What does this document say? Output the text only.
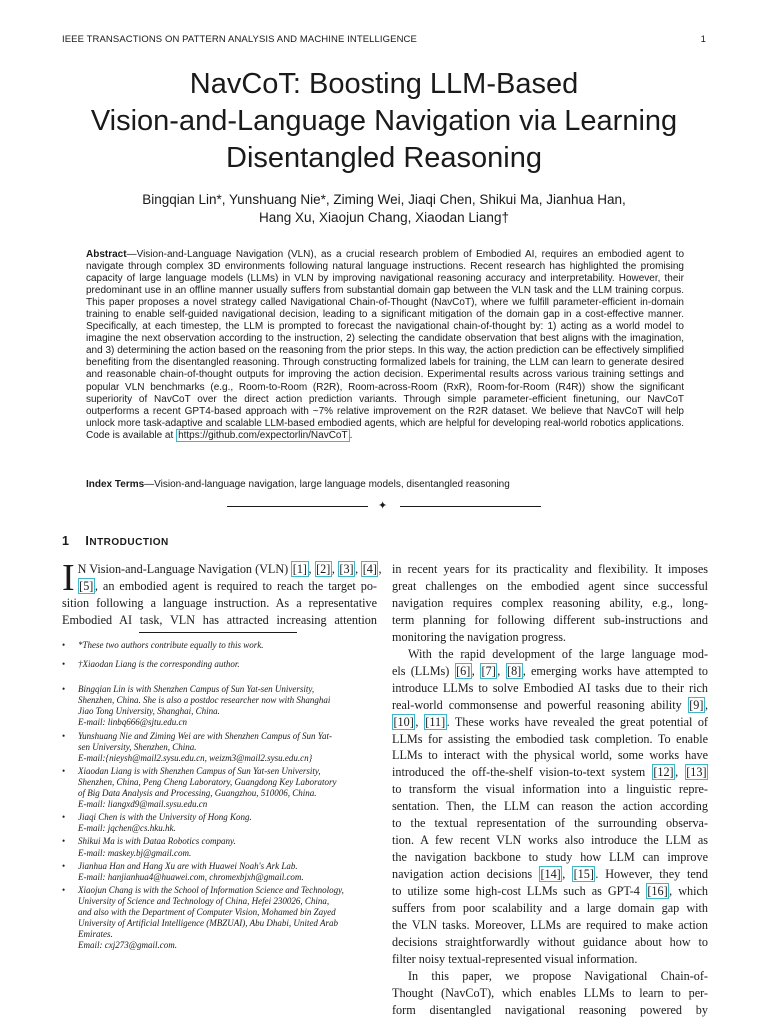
IEEE TRANSACTIONS ON PATTERN ANALYSIS AND MACHINE INTELLIGENCE	1
NavCoT: Boosting LLM-Based
Vision-and-Language Navigation via Learning
Disentangled Reasoning
Bingqian Lin*, Yunshuang Nie*, Ziming Wei, Jiaqi Chen, Shikui Ma, Jianhua Han,
Hang Xu, Xiaojun Chang, Xiaodan Liang†
Abstract—Vision-and-Language Navigation (VLN), as a crucial research problem of Embodied AI, requires an embodied agent to
navigate through complex 3D environments following natural language instructions. Recent research has highlighted the promising
capacity of large language models (LLMs) in VLN by improving navigational reasoning accuracy and interpretability. However, their
predominant use in an offline manner usually suffers from substantial domain gap between the VLN task and the LLM training corpus.
This paper proposes a novel strategy called Navigational Chain-of-Thought (NavCoT), where we fulfill parameter-efficient in-domain
training to enable self-guided navigational decision, leading to a significant mitigation of the domain gap in a cost-effective manner.
Specifically, at each timestep, the LLM is prompted to forecast the navigational chain-of-thought by: 1) acting as a world model to
imagine the next observation according to the instruction, 2) selecting the candidate observation that best aligns with the imagination,
and 3) determining the action based on the reasoning from the prior steps. In this way, the action prediction can be effectively simplified
benefiting from the disentangled reasoning. Through constructing formalized labels for training, the LLM can learn to generate desired
and reasonable chain-of-thought outputs for improving the action decision. Experimental results across various training settings and
popular VLN benchmarks (e.g., Room-to-Room (R2R), Room-across-Room (RxR), Room-for-Room (R4R)) show the significant
superiority of NavCoT over the direct action prediction variants. Through simple parameter-efficient finetuning, our NavCoT
outperforms a recent GPT4-based approach with ~7% relative improvement on the R2R dataset. We believe that NavCoT will help
unlock more task-adaptive and scalable LLM-based embodied agents, which are helpful for developing real-world robotics applications.
Code is available at https://github.com/expectorlin/NavCoT .
Index Terms—Vision-and-language navigation, large language models, disentangled reasoning
✦
1 INTRODUCTION
I N Vision-and-Language Navigation (VLN) [1] , [2] , [3] , [4] ,
[5] , an embodied agent is required to reach the target po-
sition following a language instruction. As a representative
Embodied AI task, VLN has attracted increasing attention
• *These two authors contribute equally to this work.
• †Xiaodan Liang is the corresponding author.
• Bingqian Lin is with Shenzhen Campus of Sun Yat-sen University,
Shenzhen, China. She is also a postdoc researcher now with Shanghai
Jiao Tong University, Shanghai, China.
E-mail: linbq666@sjtu.edu.cn
• Yunshuang Nie and Ziming Wei are with Shenzhen Campus of Sun Yat-
sen University, Shenzhen, China.
E-mail:{nieysh@mail2.sysu.edu.cn, weizm3@mail2.sysu.edu.cn}
• Xiaodan Liang is with Shenzhen Campus of Sun Yat-sen University,
Shenzhen, China, Peng Cheng Laboratory, Guangdong Key Laboratory
of Big Data Analysis and Processing, Guangzhou, 510006, China.
E-mail: liangxd9@mail.sysu.edu.cn
• Jiaqi Chen is with the University of Hong Kong.
E-mail: jqchen@cs.hku.hk.
• Shikui Ma is with Dataa Robotics company.
E-mail: maskey.bj@gmail.com.
• Jianhua Han and Hang Xu are with Huawei Noah's Ark Lab.
E-mail: hanjianhua4@huawei.com, chromexbjxh@gmail.com.
• Xiaojun Chang is with the School of Information Science and Technology,
University of Science and Technology of China, Hefei 230026, China,
and also with the Department of Computer Vision, Mohamed bin Zayed
University of Artificial Intelligence (MBZUAI), Abu Dhabi, United Arab
Emirates.
Email: cxj273@gmail.com.
in recent years for its practicality and flexibility. It imposes
great challenges on the embodied agent since successful
navigation requires complex reasoning ability, e.g., long-
term planning for following different sub-instructions and
monitoring the navigation progress.
With the rapid development of the large language mod-
els (LLMs) [6] , [7] , [8] , emerging works have attempted to
introduce LLMs to solve Embodied AI tasks due to their rich
real-world commonsense and powerful reasoning ability [9] ,
[10] , [11] . These works have revealed the great potential of
LLMs for assisting the embodied task completion. To enable
LLMs to interact with the physical world, some works have
introduced the off-the-shelf vision-to-text system [12] , [13]
to transform the visual information into a linguistic repre-
sentation. Then, the LLM can reason the action according
to the textual representation of the surrounding observa-
tion. A few recent VLN works also introduce the LLM as
the navigation backbone to study how LLM can improve
navigation action decisions [14] , [15] . However, they tend
to utilize some high-cost LLMs such as GPT-4 [16] , which
suffers from poor scalability and a large domain gap with
the VLN tasks. Moreover, LLMs are required to make action
decisions straightforwardly without guidance about how to
filter noisy textual-represented visual information.
In this paper, we propose Navigational Chain-of-
Thought (NavCoT), which enables LLMs to learn to per-
form disentangled navigational reasoning powered by
